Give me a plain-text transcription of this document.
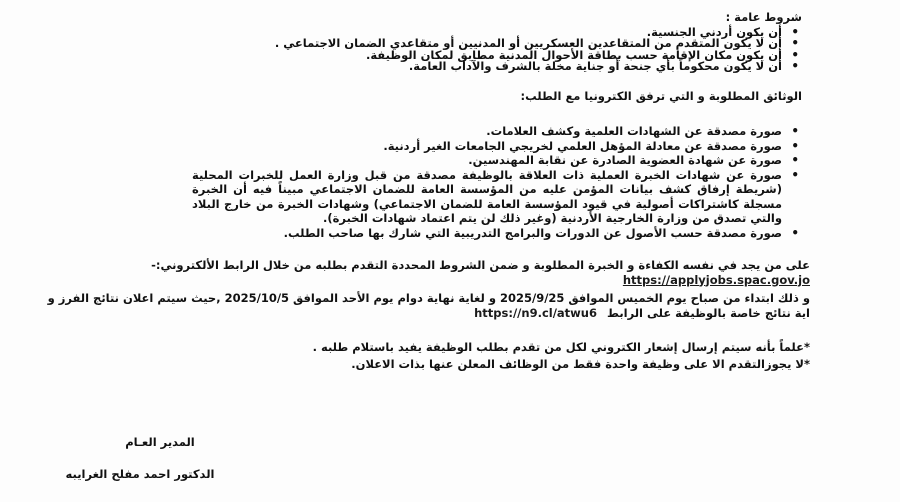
شروط عامة :
• أن يكون أردني الجنسية.
• أن لا يكون المتقدم من المتقاعدين العسكريين أو المدنيين أو متقاعدي الضمان الاجتماعي .
• أن يكون مكان الإقامة حسب بطاقة الأحوال المدنية مطابق لمكان الوظيفة.
• أن لا يكون محكوماً بأي جنحة أو جناية مخلة بالشرف والآداب العامة.
الوثائق المطلوبة و التي ترفق الكترونيا مع الطلب:
• صورة مصدقة عن الشهادات العلمية وكشف العلامات.
• صورة مصدقة عن معادلة المؤهل العلمي لخريجي الجامعات الغير أردنية.
• صورة عن شهادة العضوية الصادرة عن نقابة المهندسين.
• صورة عن شهادات الخبرة العملية ذات العلاقة بالوظيفة مصدقة من قبل وزارة العمل للخبرات المحلية (شريطة إرفاق كشف بيانات المؤمن عليه من المؤسسة العامة للضمان الاجتماعي مبيناً فيه أن الخبرة مسجلة كاشتراكات أصولية في قيود المؤسسة العامة للضمان الاجتماعي) وشهادات الخبرة من خارج البلاد والتي تصدق من وزارة الخارجية الأردنية (وغير ذلك لن يتم اعتماد شهادات الخبرة).
• صورة مصدقة حسب الأصول عن الدورات والبرامج التدريبية التي شارك بها صاحب الطلب.

على من يجد في نفسه الكفاءة و الخبرة المطلوبة و ضمن الشروط المحددة التقدم بطلبه من خلال الرابط الألكتروني:- https://applyjobs.spac.gov.jo

و ذلك ابتداء من صباح يوم الخميس الموافق 2025/9/25 و لغاية نهاية دوام يوم الأحد الموافق 2025/10/5 ,حيث سيتم اعلان نتائج الفرز و اية نتائج خاصة بالوظيفة على الرابط https://n9.cl/atwu6

*علماً بأنه سيتم إرسال إشعار الكتروني لكل من تقدم بطلب الوظيفة يفيد باستلام طلبه .

*لا يجوزالتقدم الا على وظيفة واحدة فقط من الوظائف المعلن عنها بذات الاعلان.

المدير العـام
الدكتور احمد مفلح الغرايبه
